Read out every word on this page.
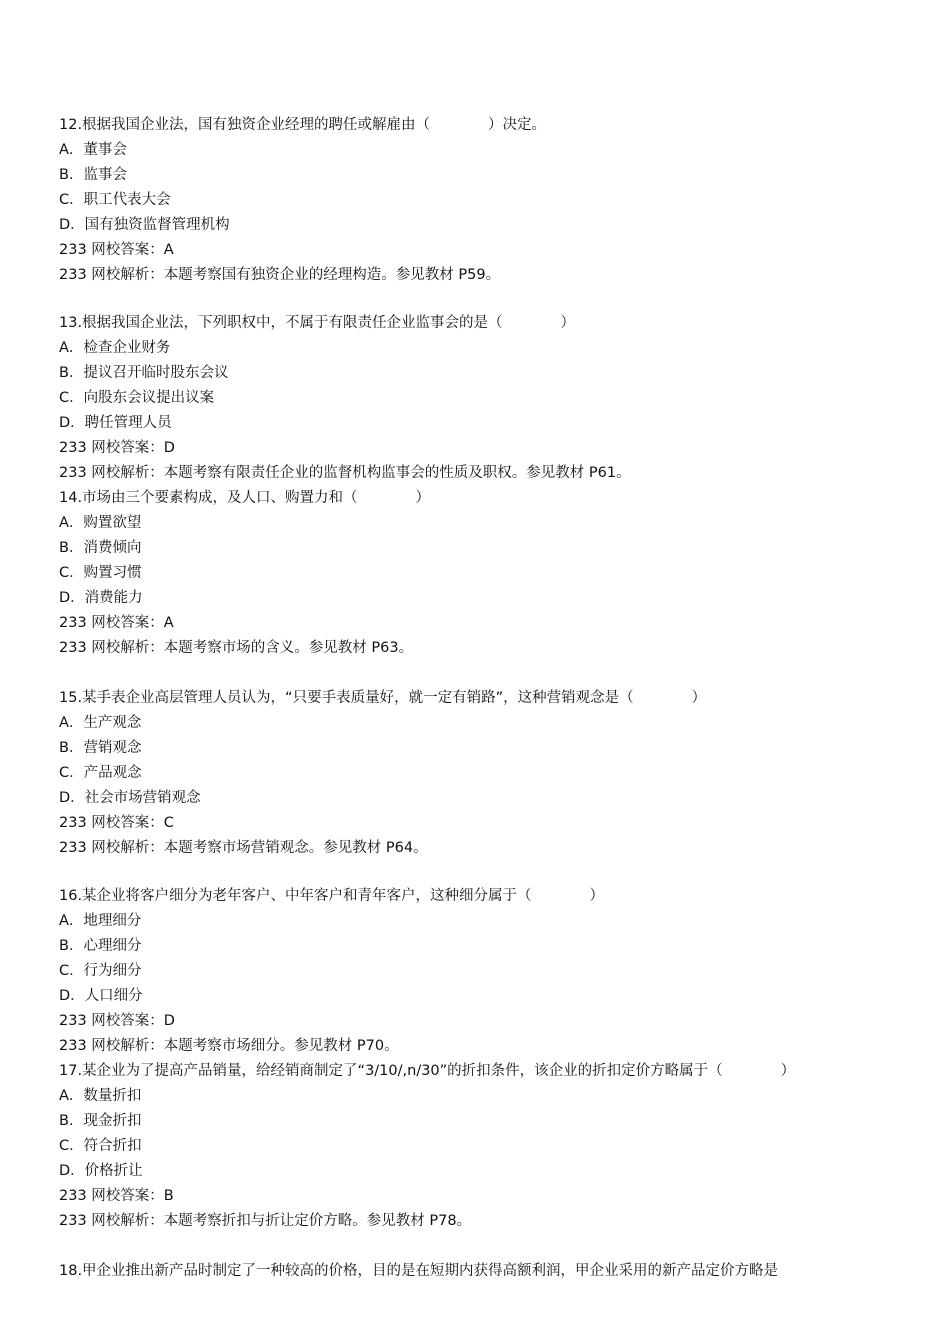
12.根据我国企业法，国有独资企业经理的聘任或解雇由（　　　　）决定。
A．董事会
B．监事会
C．职工代表大会
D．国有独资监督管理机构
233 网校答案：A
233 网校解析：本题考察国有独资企业的经理构造。参见教材 P59。
13.根据我国企业法，下列职权中，不属于有限责任企业监事会的是（　　　　）
A．检查企业财务
B．提议召开临时股东会议
C．向股东会议提出议案
D．聘任管理人员
233 网校答案：D
233 网校解析：本题考察有限责任企业的监督机构监事会的性质及职权。参见教材 P61。
14.市场由三个要素构成，及人口、购置力和（　　　　）
A．购置欲望
B．消费倾向
C．购置习惯
D．消费能力
233 网校答案：A
233 网校解析：本题考察市场的含义。参见教材 P63。
15.某手表企业高层管理人员认为，“只要手表质量好，就一定有销路”，这种营销观念是（　　　　）
A．生产观念
B．营销观念
C．产品观念
D．社会市场营销观念
233 网校答案：C
233 网校解析：本题考察市场营销观念。参见教材 P64。
16.某企业将客户细分为老年客户、中年客户和青年客户，这种细分属于（　　　　）
A．地理细分
B．心理细分
C．行为细分
D．人口细分
233 网校答案：D
233 网校解析：本题考察市场细分。参见教材 P70。
17.某企业为了提高产品销量，给经销商制定了“3/10/,n/30”的折扣条件，该企业的折扣定价方略属于（　　　　）
A．数量折扣
B．现金折扣
C．符合折扣
D．价格折让
233 网校答案：B
233 网校解析：本题考察折扣与折让定价方略。参见教材 P78。
18.甲企业推出新产品时制定了一种较高的价格，目的是在短期内获得高额利润，甲企业采用的新产品定价方略是
